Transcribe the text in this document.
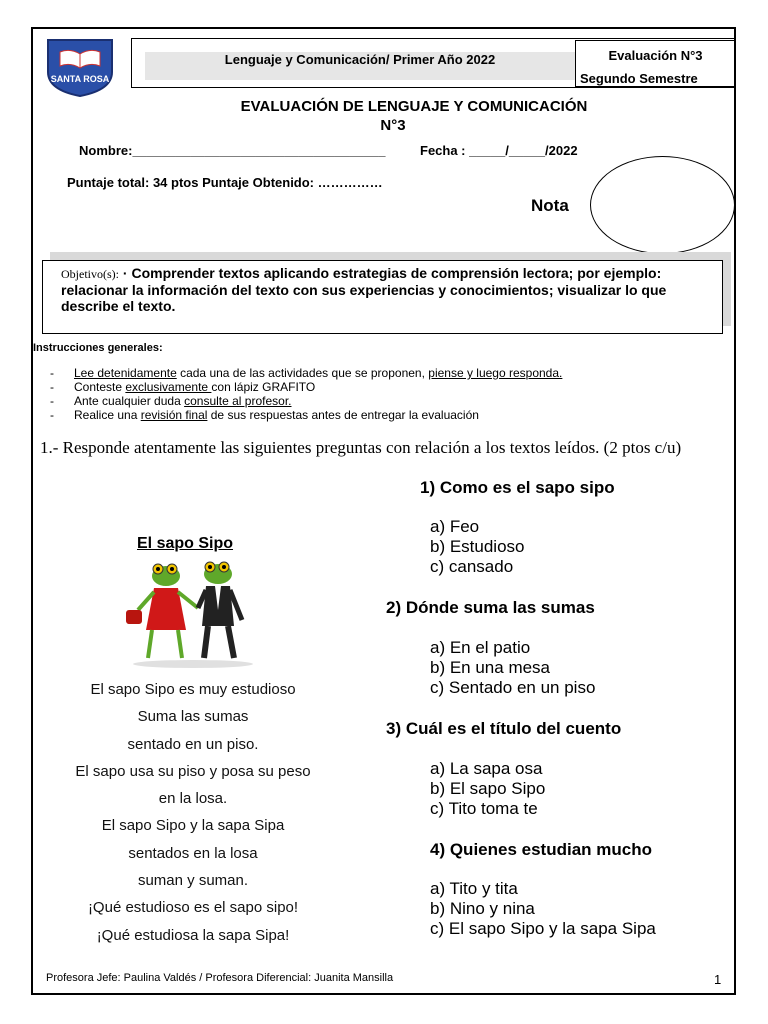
SANTA ROSA
Lenguaje y Comunicación/ Primer Año 2022	Evaluación N°3
Segundo Semestre
EVALUACIÓN DE LENGUAJE Y COMUNICACIÓN
N°3
Nombre:___________________________________	Fecha : _____/_____/2022
Puntaje total: 34 ptos Puntaje Obtenido: ……………
Nota
Objetivo(s): · Comprender textos aplicando estrategias de comprensión lectora; por ejemplo: relacionar la información del texto con sus experiencias y conocimientos; visualizar lo que describe el texto.
Instrucciones generales:
- Lee detenidamente cada una de las actividades que se proponen, piense y luego responda.
- Conteste exclusivamente con lápiz GRAFITO
- Ante cualquier duda consulte al profesor.
- Realice una revisión final de sus respuestas antes de entregar la evaluación
1.- Responde atentamente las siguientes preguntas con relación a los textos leídos. (2 ptos c/u)
El sapo Sipo
El sapo Sipo es muy estudioso
Suma las sumas
sentado en un piso.
El sapo usa su piso y posa su peso
en la losa.
El sapo Sipo y la sapa Sipa
sentados en la losa
suman y suman.
¡Qué estudioso es el sapo sipo!
¡Qué estudiosa la sapa Sipa!
1) Como es el sapo sipo
a) Feo
b) Estudioso
c) cansado
2) Dónde suma las sumas
a) En el patio
b) En una mesa
c) Sentado en un piso
3) Cuál es el título del cuento
a) La sapa osa
b) El sapo Sipo
c) Tito toma te
4) Quienes estudian mucho
a) Tito y tita
b) Nino y nina
c) El sapo Sipo y la sapa Sipa
Profesora Jefe: Paulina Valdés / Profesora Diferencial: Juanita Mansilla	1
